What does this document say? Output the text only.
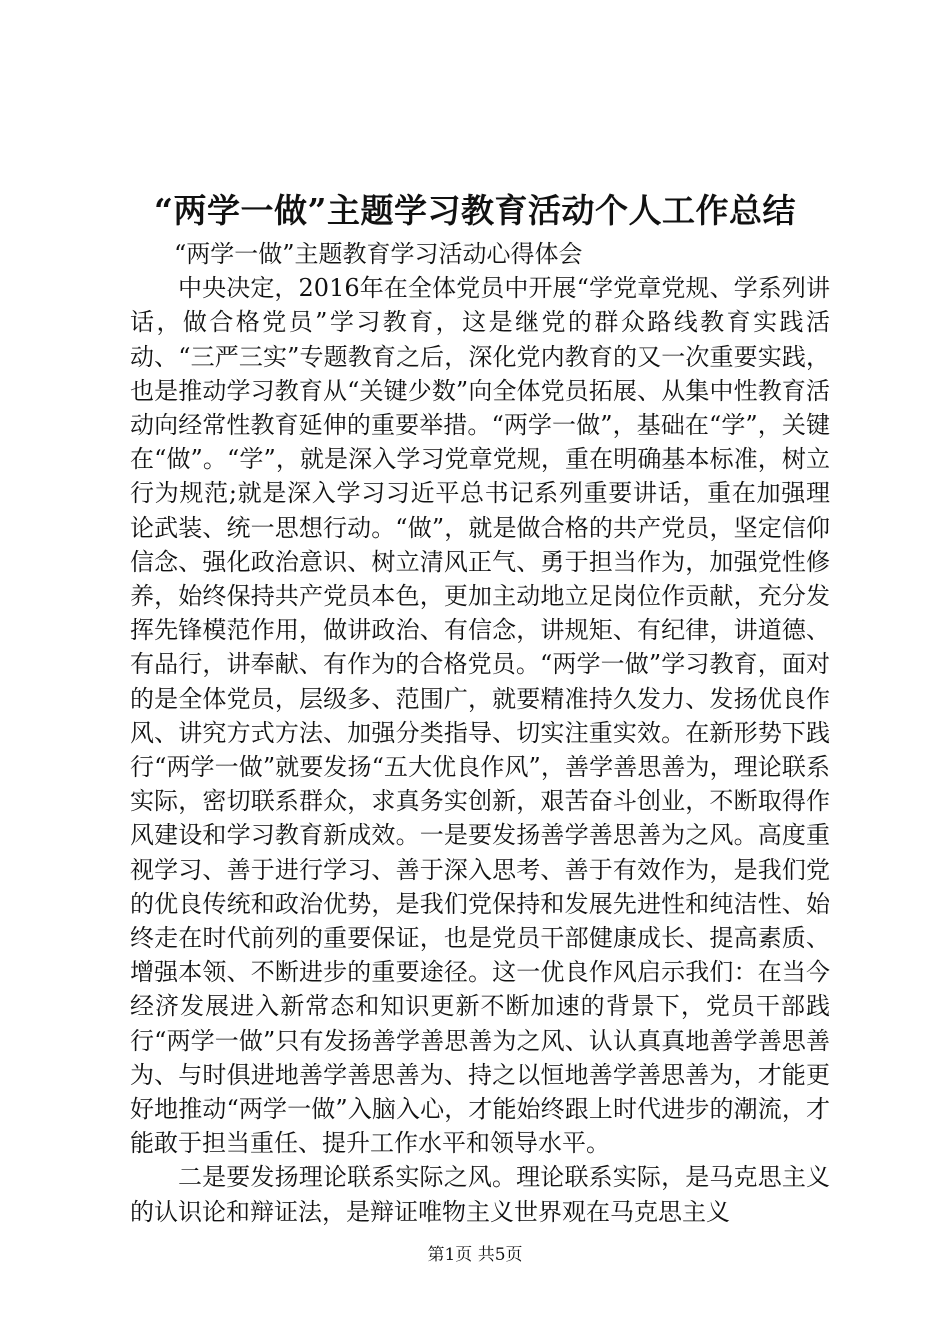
“两学一做”主题学习教育活动个人工作总结

“两学一做”主题教育学习活动心得体会

中央决定，2016年在全体党员中开展“学党章党规、学系列讲话，做合格党员”学习教育，这是继党的群众路线教育实践活动、“三严三实”专题教育之后，深化党内教育的又一次重要实践，也是推动学习教育从“关键少数”向全体党员拓展、从集中性教育活动向经常性教育延伸的重要举措。“两学一做”，基础在“学”，关键在“做”。“学”，就是深入学习党章党规，重在明确基本标准，树立行为规范;就是深入学习习近平总书记系列重要讲话，重在加强理论武装、统一思想行动。“做”，就是做合格的共产党员，坚定信仰信念、强化政治意识、树立清风正气、勇于担当作为，加强党性修养，始终保持共产党员本色，更加主动地立足岗位作贡献，充分发挥先锋模范作用，做讲政治、有信念，讲规矩、有纪律，讲道德、有品行，讲奉献、有作为的合格党员。“两学一做”学习教育，面对的是全体党员，层级多、范围广，就要精准持久发力、发扬优良作风、讲究方式方法、加强分类指导、切实注重实效。在新形势下践行“两学一做”就要发扬“五大优良作风”，善学善思善为，理论联系实际，密切联系群众，求真务实创新，艰苦奋斗创业，不断取得作风建设和学习教育新成效。一是要发扬善学善思善为之风。高度重视学习、善于进行学习、善于深入思考、善于有效作为，是我们党的优良传统和政治优势，是我们党保持和发展先进性和纯洁性、始终走在时代前列的重要保证，也是党员干部健康成长、提高素质、增强本领、不断进步的重要途径。这一优良作风启示我们：在当今经济发展进入新常态和知识更新不断加速的背景下，党员干部践行“两学一做”只有发扬善学善思善为之风、认认真真地善学善思善为、与时俱进地善学善思善为、持之以恒地善学善思善为，才能更好地推动“两学一做”入脑入心，才能始终跟上时代进步的潮流，才能敢于担当重任、提升工作水平和领导水平。

二是要发扬理论联系实际之风。理论联系实际，是马克思主义的认识论和辩证法，是辩证唯物主义世界观在马克思主义

第1页 共5页
